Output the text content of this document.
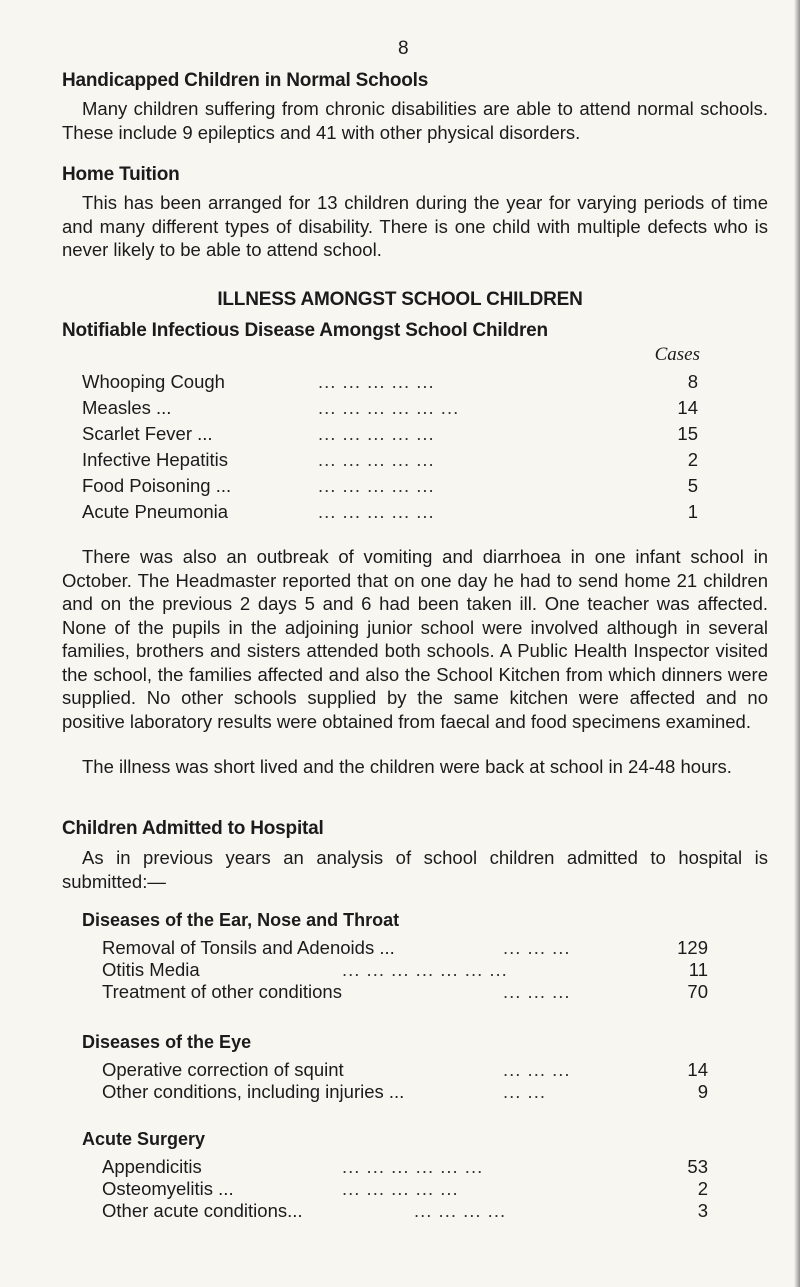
8
Handicapped Children in Normal Schools
Many children suffering from chronic disabilities are able to attend normal schools. These include 9 epileptics and 41 with other physical disorders.
Home Tuition
This has been arranged for 13 children during the year for varying periods of time and many different types of disability. There is one child with multiple defects who is never likely to be able to attend school.
ILLNESS AMONGST SCHOOL CHILDREN
Notifiable Infectious Disease Amongst School Children
Cases
Whooping Cough	... ... ... ... ...	8
Measles ...	... ... ... ... ... ...	14
Scarlet Fever ...	... ... ... ... ...	15
Infective Hepatitis	... ... ... ... ...	2
Food Poisoning ...	... ... ... ... ...	5
Acute Pneumonia	... ... ... ... ...	1
There was also an outbreak of vomiting and diarrhoea in one infant school in October. The Headmaster reported that on one day he had to send home 21 children and on the previous 2 days 5 and 6 had been taken ill. One teacher was affected. None of the pupils in the adjoining junior school were involved although in several families, brothers and sisters attended both schools. A Public Health Inspector visited the school, the families affected and also the School Kitchen from which dinners were supplied. No other schools supplied by the same kitchen were affected and no positive laboratory results were obtained from faecal and food specimens examined.
The illness was short lived and the children were back at school in 24-48 hours.
Children Admitted to Hospital
As in previous years an analysis of school children admitted to hospital is submitted:—
Diseases of the Ear, Nose and Throat
Removal of Tonsils and Adenoids ...	... ... ...	129
Otitis Media	... ... ... ... ... ... ...	11
Treatment of other conditions	... ... ...	70
Diseases of the Eye
Operative correction of squint	... ... ...	14
Other conditions, including injuries ...	... ...	9
Acute Surgery
Appendicitis	... ... ... ... ... ...	53
Osteomyelitis ...	... ... ... ... ...	2
Other acute conditions...	... ... ... ...	3
